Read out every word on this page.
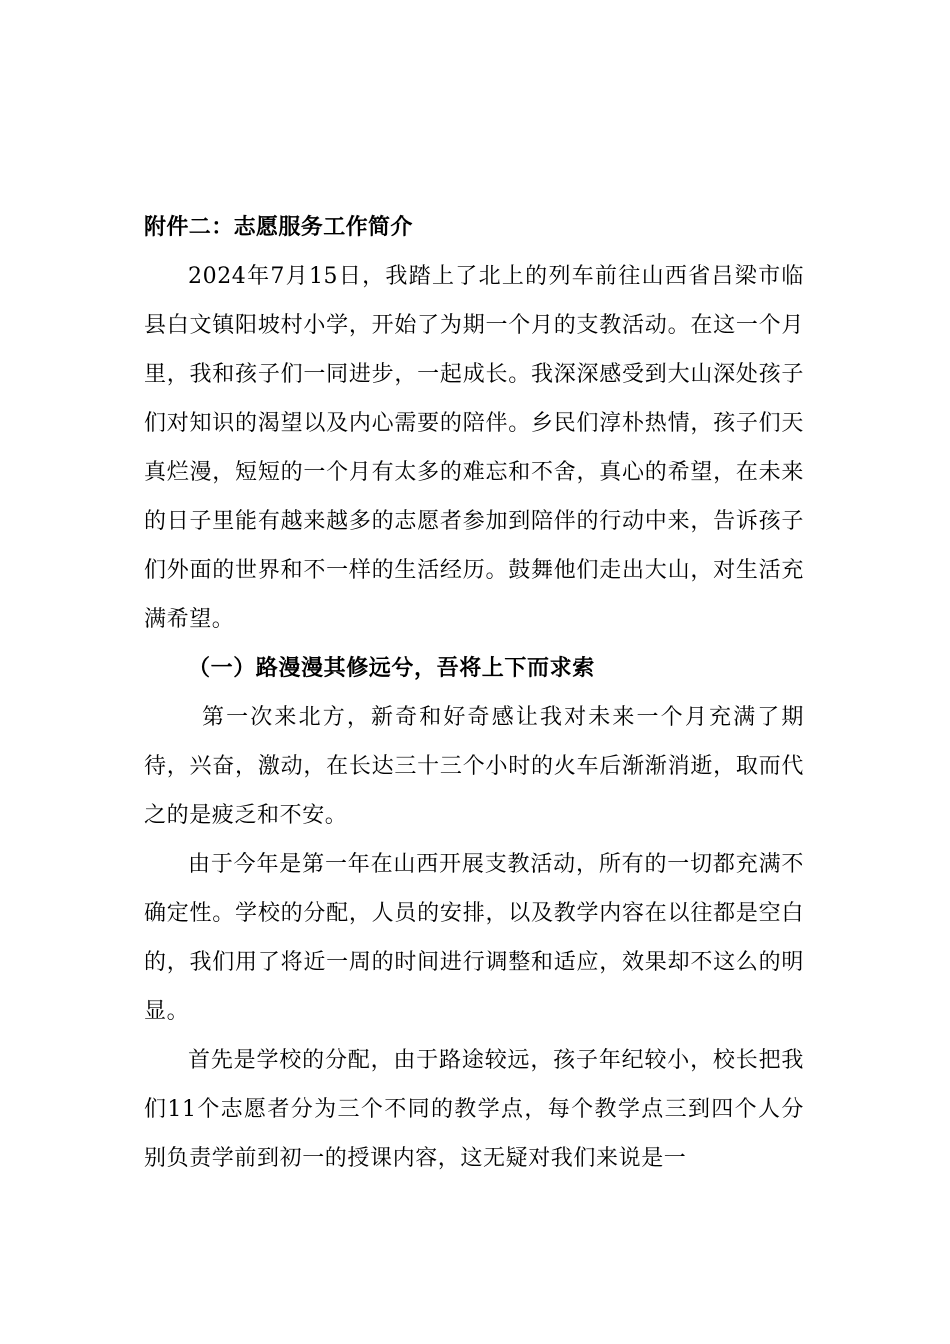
附件二：志愿服务工作简介

2024年7月15日，我踏上了北上的列车前往山西省吕梁市临县白文镇阳坡村小学，开始了为期一个月的支教活动。在这一个月里，我和孩子们一同进步，一起成长。我深深感受到大山深处孩子们对知识的渴望以及内心需要的陪伴。乡民们淳朴热情，孩子们天真烂漫，短短的一个月有太多的难忘和不舍，真心的希望，在未来的日子里能有越来越多的志愿者参加到陪伴的行动中来，告诉孩子们外面的世界和不一样的生活经历。鼓舞他们走出大山，对生活充满希望。

（一）路漫漫其修远兮，吾将上下而求索

第一次来北方，新奇和好奇感让我对未来一个月充满了期待，兴奋，激动，在长达三十三个小时的火车后渐渐消逝，取而代之的是疲乏和不安。

由于今年是第一年在山西开展支教活动，所有的一切都充满不确定性。学校的分配，人员的安排，以及教学内容在以往都是空白的，我们用了将近一周的时间进行调整和适应，效果却不这么的明显。

首先是学校的分配，由于路途较远，孩子年纪较小，校长把我们11个志愿者分为三个不同的教学点，每个教学点三到四个人分别负责学前到初一的授课内容，这无疑对我们来说是一
